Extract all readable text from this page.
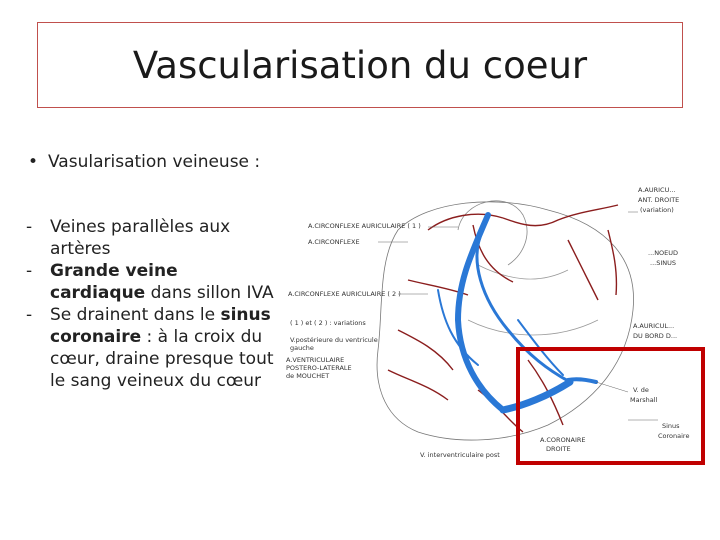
Vascularisation du coeur
• Vasularisation veineuse :
- Veines parallèles aux artères
- Grande veine cardiaque dans sillon IVA
- Se drainent dans le sinus coronaire : à la croix du cœur, draine presque tout le sang veineux du cœur
A.CIRCONFLEXE AURICULAIRE ( 1 )
A.CIRCONFLEXE
A.CIRCONFLEXE AURICULAIRE ( 2 )
( 1 ) et ( 2 ) : variations
V.postérieure du ventricule
gauche
A.VENTRICULAIRE
POSTERO-LATERALE
de MOUCHET
A.AURICU...
ANT. DROITE
(variation)
...NOEUD
...SINUS
A.AURICUL...
DU BORD D...
V. de
Marshall
Sinus
Coronaire
A.CORONAIRE
DROITE
V. interventriculaire post
